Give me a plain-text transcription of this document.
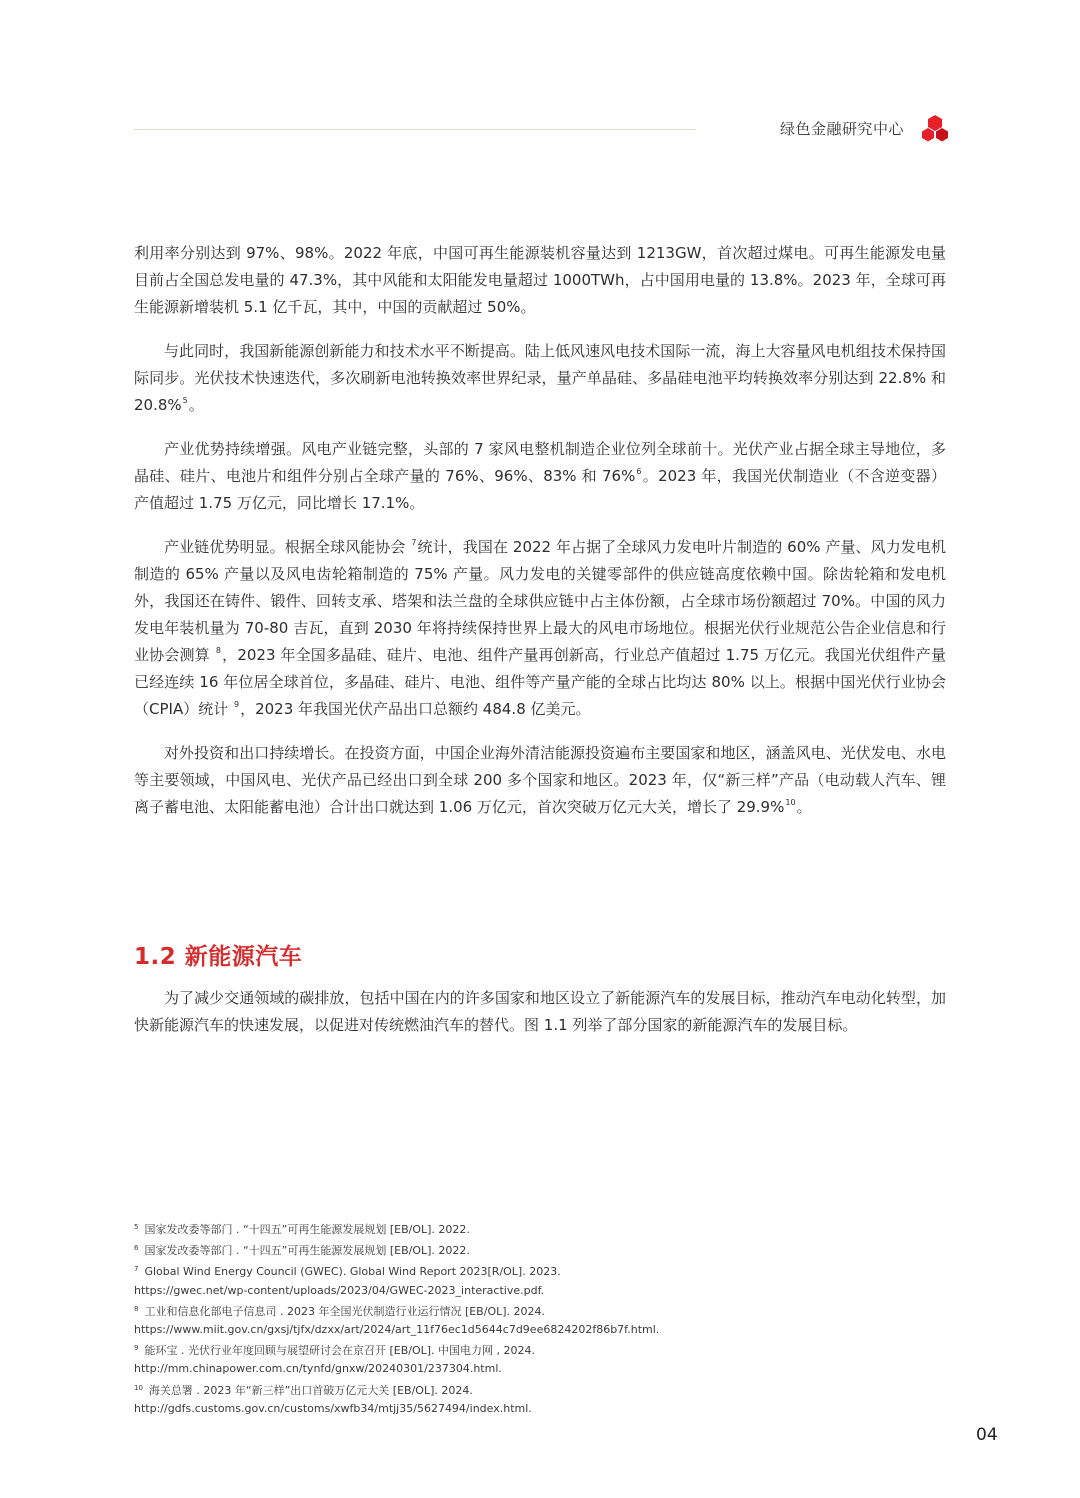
绿色金融研究中心

利用率分别达到 97%、98%。2022 年底，中国可再生能源装机容量达到 1213GW，首次超过煤电。可再生能源发电量目前占全国总发电量的 47.3%，其中风能和太阳能发电量超过 1000TWh，占中国用电量的 13.8%。2023 年，全球可再生能源新增装机 5.1 亿千瓦，其中，中国的贡献超过 50%。

与此同时，我国新能源创新能力和技术水平不断提高。陆上低风速风电技术国际一流，海上大容量风电机组技术保持国际同步。光伏技术快速迭代，多次刷新电池转换效率世界纪录，量产单晶硅、多晶硅电池平均转换效率分别达到 22.8% 和 20.8%$^5$。

产业优势持续增强。风电产业链完整，头部的 7 家风电整机制造企业位列全球前十。光伏产业占据全球主导地位，多晶硅、硅片、电池片和组件分别占全球产量的 76%、96%、83% 和 76%$^6$。2023 年，我国光伏制造业（不含逆变器）产值超过 1.75 万亿元，同比增长 17.1%。

产业链优势明显。根据全球风能协会 $^7$统计，我国在 2022 年占据了全球风力发电叶片制造的 60% 产量、风力发电机制造的 65% 产量以及风电齿轮箱制造的 75% 产量。风力发电的关键零部件的供应链高度依赖中国。除齿轮箱和发电机外，我国还在铸件、锻件、回转支承、塔架和法兰盘的全球供应链中占主体份额，占全球市场份额超过 70%。中国的风力发电年装机量为 70-80 吉瓦，直到 2030 年将持续保持世界上最大的风电市场地位。根据光伏行业规范公告企业信息和行业协会测算 $^8$，2023 年全国多晶硅、硅片、电池、组件产量再创新高，行业总产值超过 1.75 万亿元。我国光伏组件产量已经连续 16 年位居全球首位，多晶硅、硅片、电池、组件等产量产能的全球占比均达 80% 以上。根据中国光伏行业协会（CPIA）统计 $^9$，2023 年我国光伏产品出口总额约 484.8 亿美元。

对外投资和出口持续增长。在投资方面，中国企业海外清洁能源投资遍布主要国家和地区，涵盖风电、光伏发电、水电等主要领域，中国风电、光伏产品已经出口到全球 200 多个国家和地区。2023 年，仅“新三样”产品（电动载人汽车、锂离子蓄电池、太阳能蓄电池）合计出口就达到 1.06 万亿元，首次突破万亿元大关，增长了 29.9%$^{10}$。

1.2 新能源汽车

为了减少交通领域的碳排放，包括中国在内的许多国家和地区设立了新能源汽车的发展目标，推动汽车电动化转型，加快新能源汽车的快速发展，以促进对传统燃油汽车的替代。图 1.1 列举了部分国家的新能源汽车的发展目标。

$^5$ 国家发改委等部门 . “十四五”可再生能源发展规划 [EB/OL]. 2022.
$^6$ 国家发改委等部门 . “十四五”可再生能源发展规划 [EB/OL]. 2022.
$^7$ Global Wind Energy Council (GWEC). Global Wind Report 2023[R/OL]. 2023.
https://gwec.net/wp-content/uploads/2023/04/GWEC-2023_interactive.pdf.
$^8$ 工业和信息化部电子信息司 . 2023 年全国光伏制造行业运行情况 [EB/OL]. 2024.
https://www.miit.gov.cn/gxsj/tjfx/dzxx/art/2024/art_11f76ec1d5644c7d9ee6824202f86b7f.html.
$^9$ 能环宝 . 光伏行业年度回顾与展望研讨会在京召开 [EB/OL]. 中国电力网 , 2024.
http://mm.chinapower.com.cn/tynfd/gnxw/20240301/237304.html.
$^{10}$ 海关总署 . 2023 年“新三样”出口首破万亿元大关 [EB/OL]. 2024.
http://gdfs.customs.gov.cn/customs/xwfb34/mtjj35/5627494/index.html.
04
